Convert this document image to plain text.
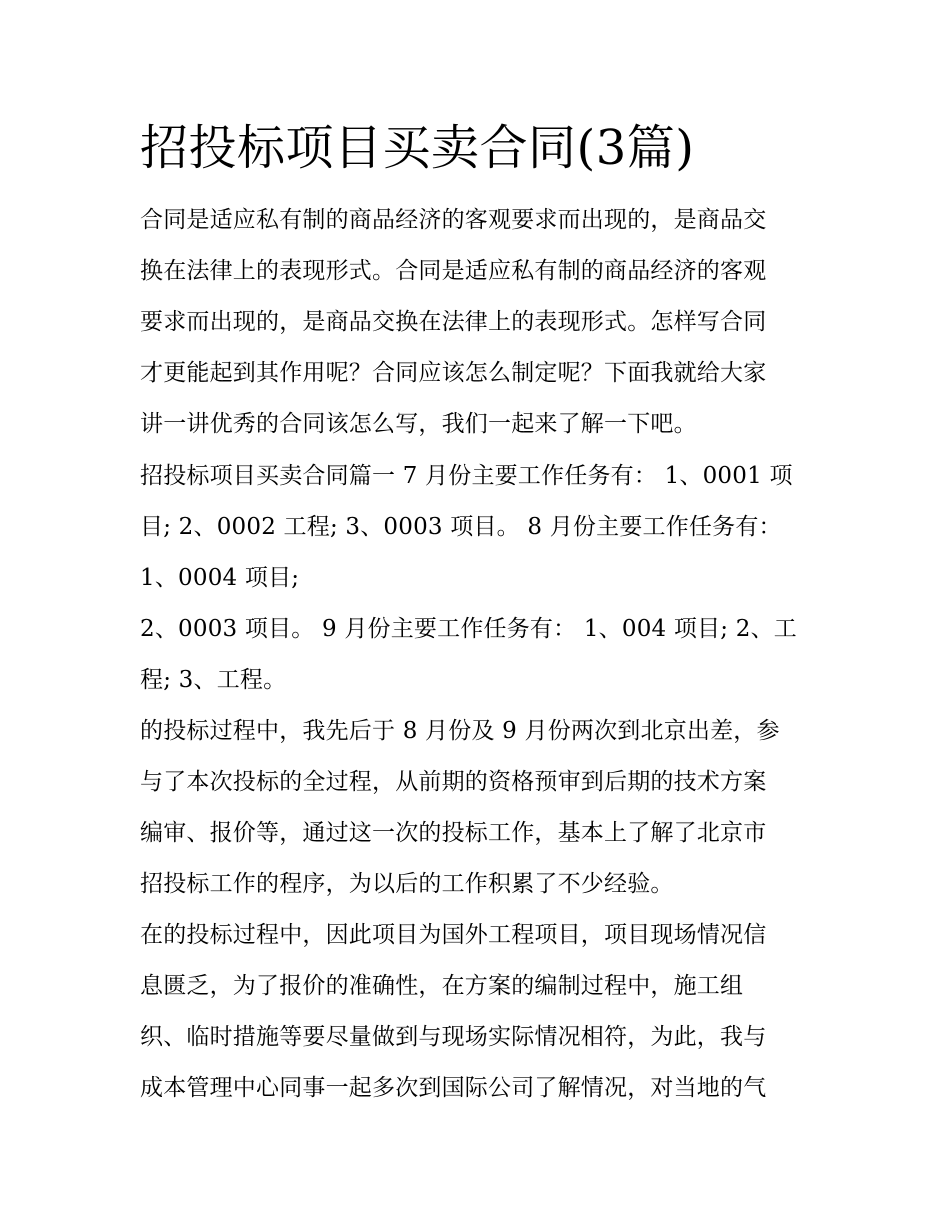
招投标项目买卖合同(3篇)
合同是适应私有制的商品经济的客观要求而出现的，是商品交
换在法律上的表现形式。合同是适应私有制的商品经济的客观
要求而出现的，是商品交换在法律上的表现形式。怎样写合同
才更能起到其作用呢？合同应该怎么制定呢？下面我就给大家
讲一讲优秀的合同该怎么写，我们一起来了解一下吧。
招投标项目买卖合同篇一 7 月份主要工作任务有： 1、0001 项
目; 2、0002 工程; 3、0003 项目。 8 月份主要工作任务有：
1、0004 项目;
2、0003 项目。 9 月份主要工作任务有： 1、004 项目; 2、工
程; 3、工程。
的投标过程中，我先后于 8 月份及 9 月份两次到北京出差，参
与了本次投标的全过程，从前期的资格预审到后期的技术方案
编审、报价等，通过这一次的投标工作，基本上了解了北京市
招投标工作的程序，为以后的工作积累了不少经验。
在的投标过程中，因此项目为国外工程项目，项目现场情况信
息匮乏，为了报价的准确性，在方案的编制过程中，施工组
织、临时措施等要尽量做到与现场实际情况相符，为此，我与
成本管理中心同事一起多次到国际公司了解情况，对当地的气
